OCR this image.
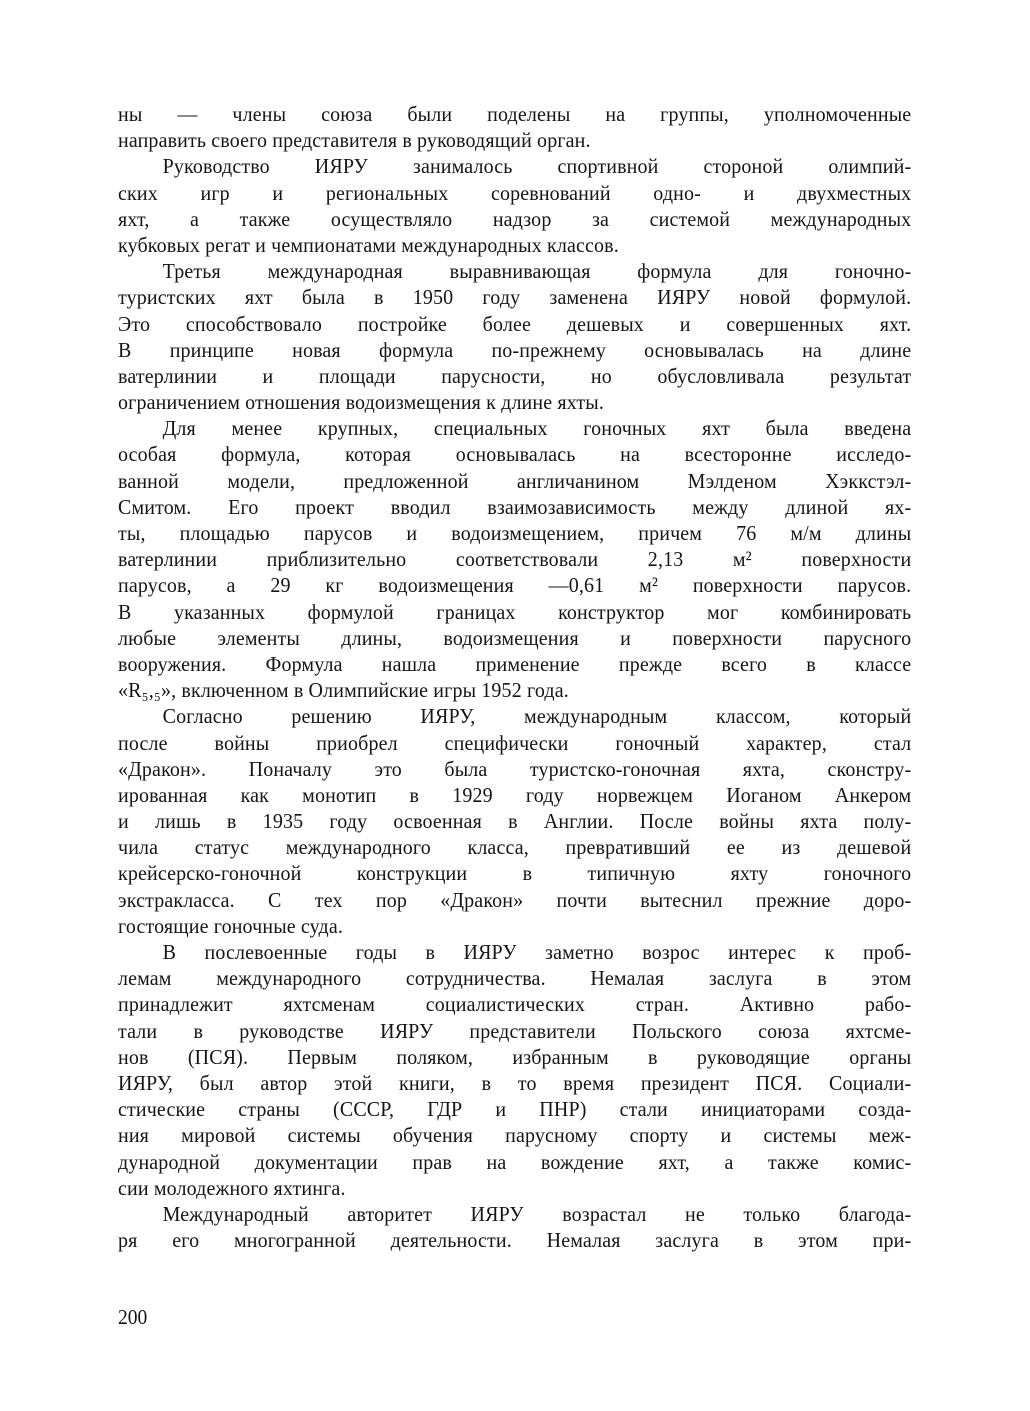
ны — члены союза были поделены на группы, уполномоченные
направить своего представителя в руководящий орган.
Руководство ИЯРУ занималось спортивной стороной олимпий-
ских игр и региональных соревнований одно- и двухместных
яхт, а также осуществляло надзор за системой международных
кубковых регат и чемпионатами международных классов.
Третья международная выравнивающая формула для гоночно-
туристских яхт была в 1950 году заменена ИЯРУ новой формулой.
Это способствовало постройке более дешевых и совершенных яхт.
В принципе новая формула по-прежнему основывалась на длине
ватерлинии и площади парусности, но обусловливала результат
ограничением отношения водоизмещения к длине яхты.
Для менее крупных, специальных гоночных яхт была введена
особая формула, которая основывалась на всесторонне исследо-
ванной модели, предложенной англичанином Мэлденом Хэккстэл-
Смитом. Его проект вводил взаимозависимость между длиной ях-
ты, площадью парусов и водоизмещением, причем 76 м/м длины
ватерлинии приблизительно соответствовали 2,13 м² поверхности
парусов, а 29 кг водоизмещения —0,61 м² поверхности парусов.
В указанных формулой границах конструктор мог комбинировать
любые элементы длины, водоизмещения и поверхности парусного
вооружения. Формула нашла применение прежде всего в классе
«R₅,₅», включенном в Олимпийские игры 1952 года.
Согласно решению ИЯРУ, международным классом, который
после войны приобрел специфически гоночный характер, стал
«Дракон». Поначалу это была туристско-гоночная яхта, сконстру-
ированная как монотип в 1929 году норвежцем Иоганом Анкером
и лишь в 1935 году освоенная в Англии. После войны яхта полу-
чила статус международного класса, превративший ее из дешевой
крейсерско-гоночной конструкции в типичную яхту гоночного
экстракласса. С тех пор «Дракон» почти вытеснил прежние доро-
гостоящие гоночные суда.
В послевоенные годы в ИЯРУ заметно возрос интерес к проб-
лемам международного сотрудничества. Немалая заслуга в этом
принадлежит яхтсменам социалистических стран. Активно рабо-
тали в руководстве ИЯРУ представители Польского союза яхтсме-
нов (ПСЯ). Первым поляком, избранным в руководящие органы
ИЯРУ, был автор этой книги, в то время президент ПСЯ. Социали-
стические страны (СССР, ГДР и ПНР) стали инициаторами созда-
ния мировой системы обучения парусному спорту и системы меж-
дународной документации прав на вождение яхт, а также комис-
сии молодежного яхтинга.
Международный авторитет ИЯРУ возрастал не только благода-
ря его многогранной деятельности. Немалая заслуга в этом при-
200
